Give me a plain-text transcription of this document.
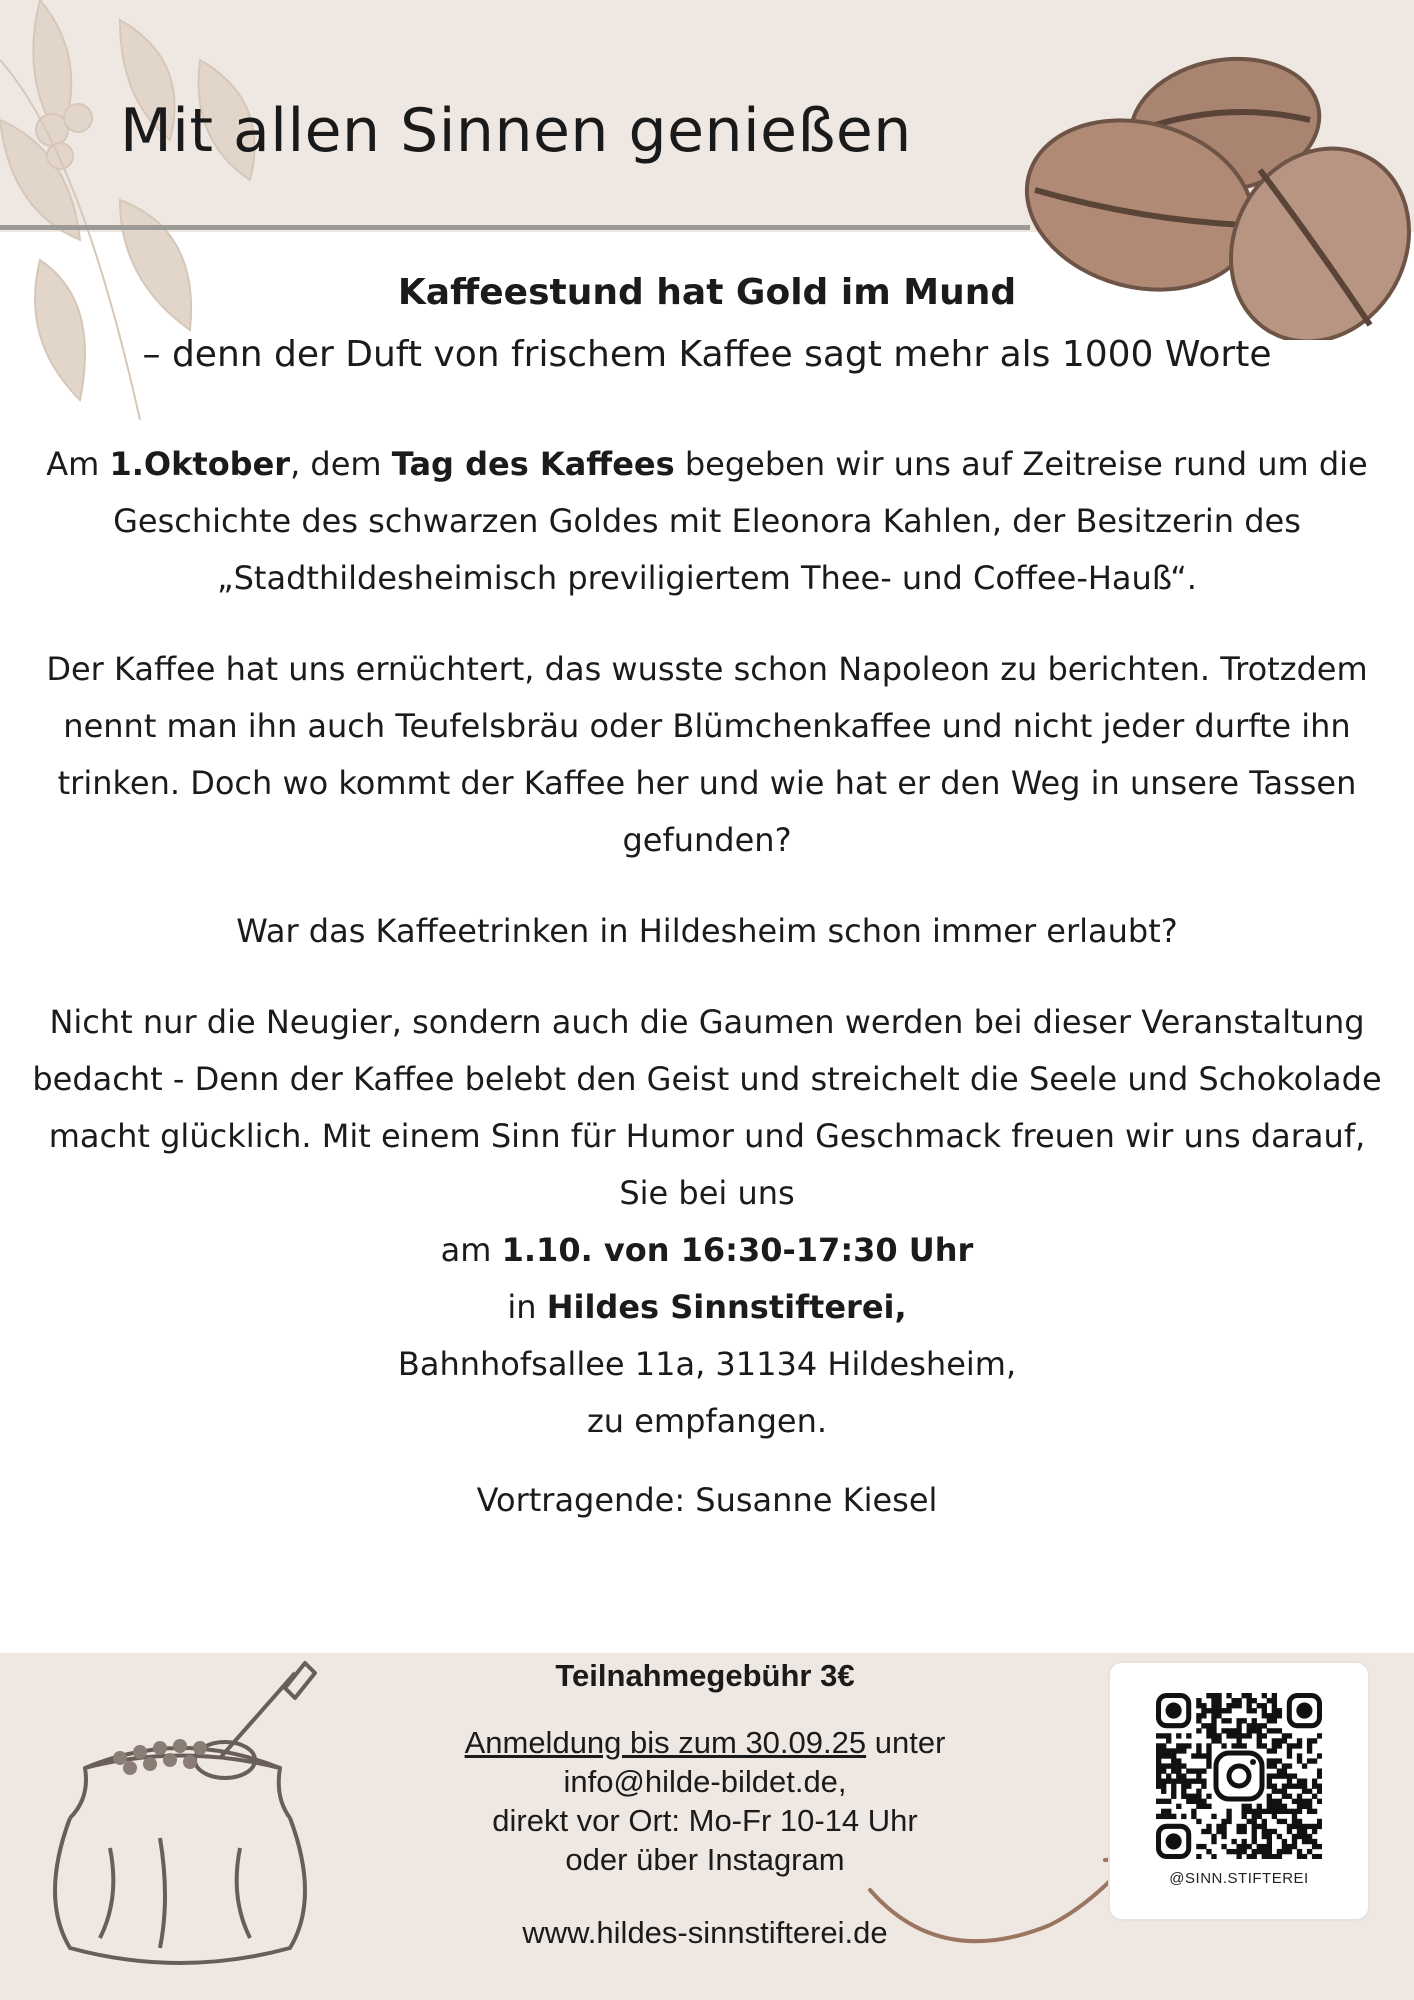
Mit allen Sinnen genießen

Kaffeestund hat Gold im Mund

– denn der Duft von frischem Kaffee sagt mehr als 1000 Worte

Am 1.Oktober, dem Tag des Kaffees begeben wir uns auf Zeitreise rund um die Geschichte des schwarzen Goldes mit Eleonora Kahlen, der Besitzerin des „Stadthildesheimisch previligiertem Thee- und Coffee-Hauß“.

Der Kaffee hat uns ernüchtert, das wusste schon Napoleon zu berichten. Trotzdem nennt man ihn auch Teufelsbräu oder Blümchenkaffee und nicht jeder durfte ihn trinken. Doch wo kommt der Kaffee her und wie hat er den Weg in unsere Tassen gefunden?

War das Kaffeetrinken in Hildesheim schon immer erlaubt?

Nicht nur die Neugier, sondern auch die Gaumen werden bei dieser Veranstaltung bedacht - Denn der Kaffee belebt den Geist und streichelt die Seele und Schokolade macht glücklich. Mit einem Sinn für Humor und Geschmack freuen wir uns darauf, Sie bei uns
am 1.10. von 16:30-17:30 Uhr
in Hildes Sinnstifterei,
Bahnhofsallee 11a, 31134 Hildesheim,
zu empfangen.

Vortragende: Susanne Kiesel

Teilnahmegebühr 3€

Anmeldung bis zum 30.09.25 unter
info@hilde-bildet.de,
direkt vor Ort: Mo-Fr 10-14 Uhr
oder über Instagram

www.hildes-sinnstifterei.de

@SINN.STIFTEREI
